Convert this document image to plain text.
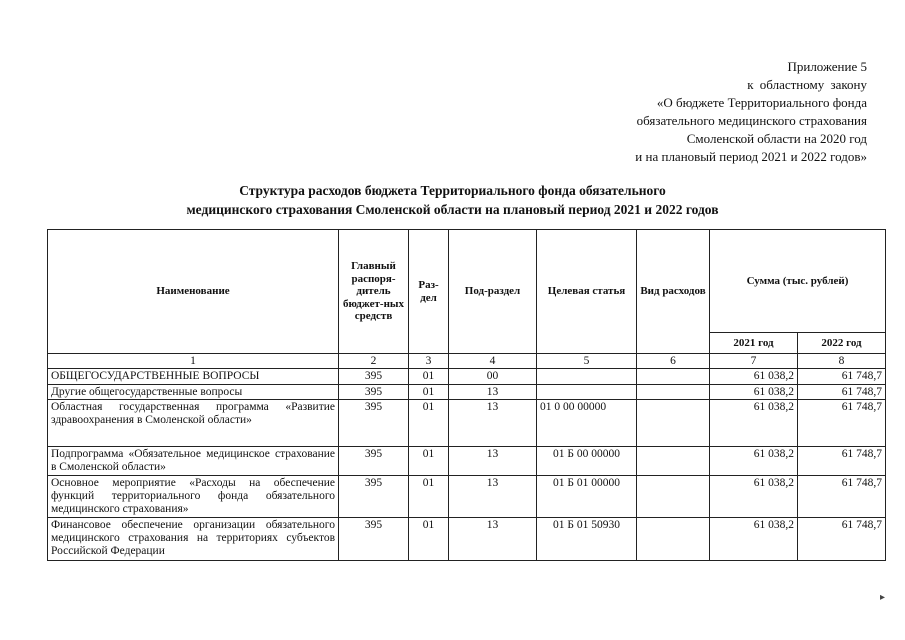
Приложение 5
к областному закону
«О бюджете Территориального фонда
обязательного медицинского страхования
Смоленской области на 2020 год
и на плановый период 2021 и 2022 годов»
Структура расходов бюджета Территориального фонда обязательного
медицинского страхования Смоленской области на плановый период 2021 и 2022 годов
Наименование	Главный распоря-дитель бюджет-ных средств	Раз-дел	Под-раздел	Целевая статья	Вид расходов	Сумма (тыс. рублей)	
						2021 год	2022 год
1	2	3	4	5	6	7	8
ОБЩЕГОСУДАРСТВЕННЫЕ ВОПРОСЫ	395	01	00			61 038,2	61 748,7
Другие общегосударственные вопросы	395	01	13			61 038,2	61 748,7
Областная государственная программа «Развитие здравоохранения в Смоленской области»	395	01	13	01 0 00 00000		61 038,2	61 748,7
Подпрограмма «Обязательное медицинское страхование в Смоленской области»	395	01	13	01 Б 00 00000		61 038,2	61 748,7
Основное мероприятие «Расходы на обеспечение функций территориального фонда обязательного медицинского страхования»	395	01	13	01 Б 01 00000		61 038,2	61 748,7
Финансовое обеспечение организации обязательного медицинского страхования на территориях субъектов Российской Федерации	395	01	13	01 Б 01 50930		61 038,2	61 748,7
▸
